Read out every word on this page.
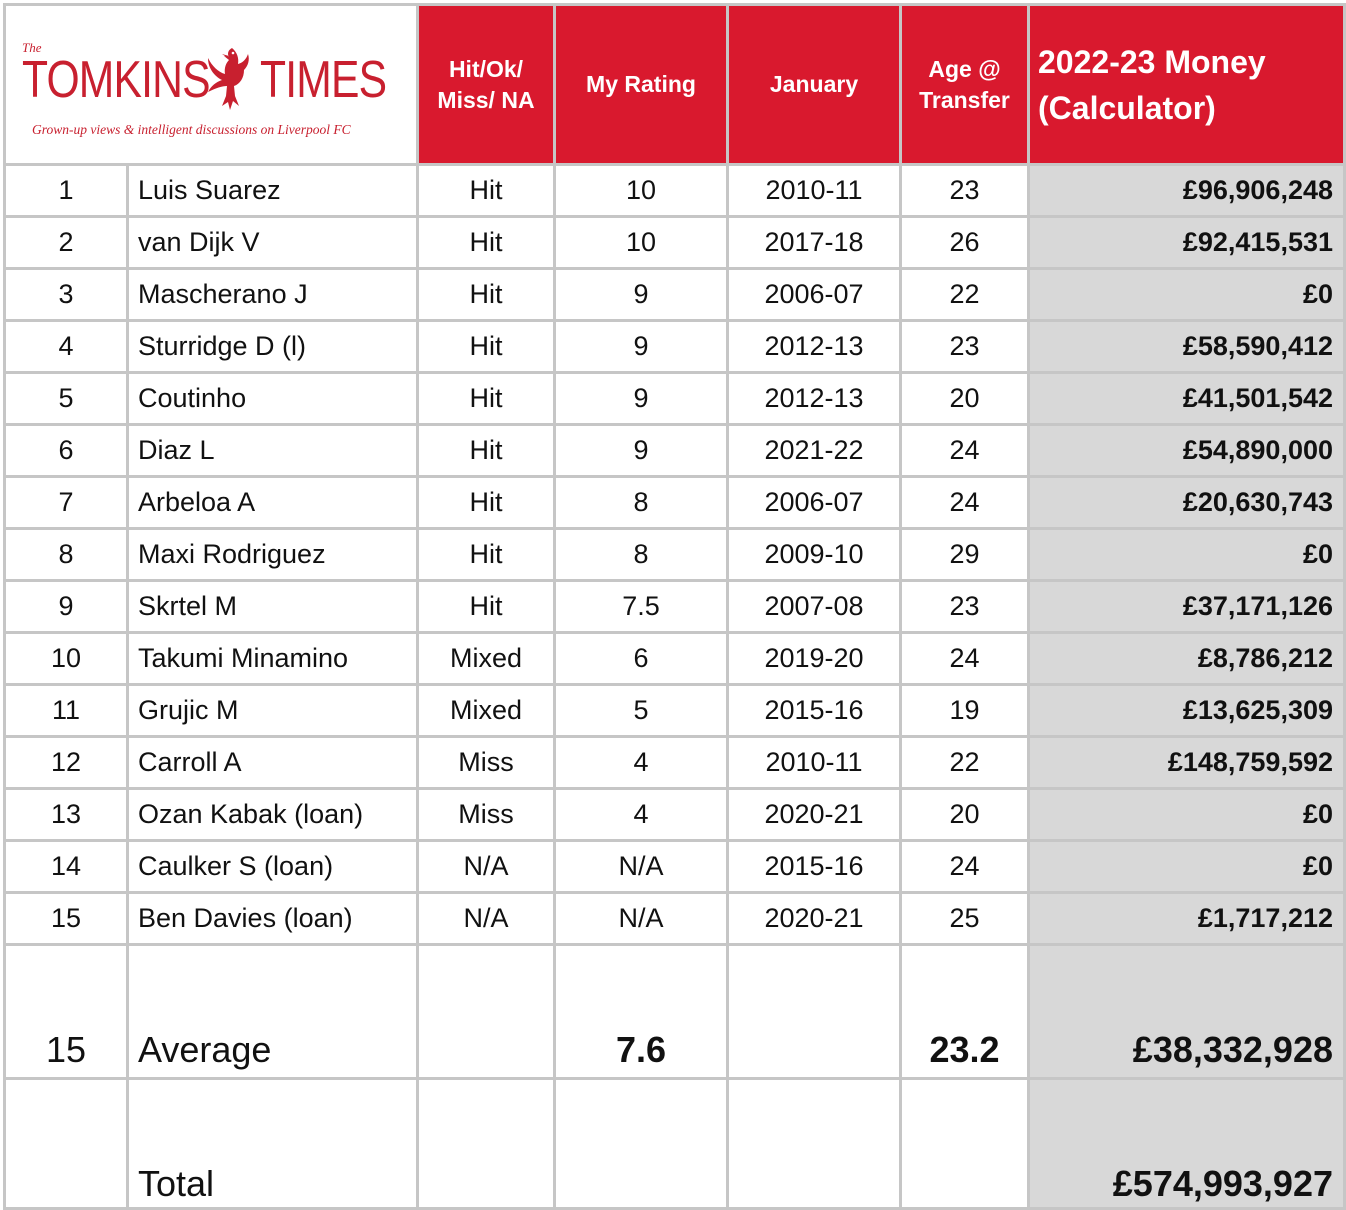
The
TOMKINS TIMES
Grown-up views & intelligent discussions on Liverpool FC		Hit/Ok/ Miss/ NA	My Rating	January	Age @ Transfer	2022-23 Money (Calculator)
1	Luis Suarez	Hit	10	2010-11	23	£96,906,248
2	van Dijk V	Hit	10	2017-18	26	£92,415,531
3	Mascherano J	Hit	9	2006-07	22	£0
4	Sturridge D (l)	Hit	9	2012-13	23	£58,590,412
5	Coutinho	Hit	9	2012-13	20	£41,501,542
6	Diaz L	Hit	9	2021-22	24	£54,890,000
7	Arbeloa A	Hit	8	2006-07	24	£20,630,743
8	Maxi Rodriguez	Hit	8	2009-10	29	£0
9	Skrtel M	Hit	7.5	2007-08	23	£37,171,126
10	Takumi Minamino	Mixed	6	2019-20	24	£8,786,212
11	Grujic M	Mixed	5	2015-16	19	£13,625,309
12	Carroll A	Miss	4	2010-11	22	£148,759,592
13	Ozan Kabak (loan)	Miss	4	2020-21	20	£0
14	Caulker S (loan)	N/A	N/A	2015-16	24	£0
15	Ben Davies (loan)	N/A	N/A	2020-21	25	£1,717,212
15	Average		7.6		23.2	£38,332,928
	Total					£574,993,927
